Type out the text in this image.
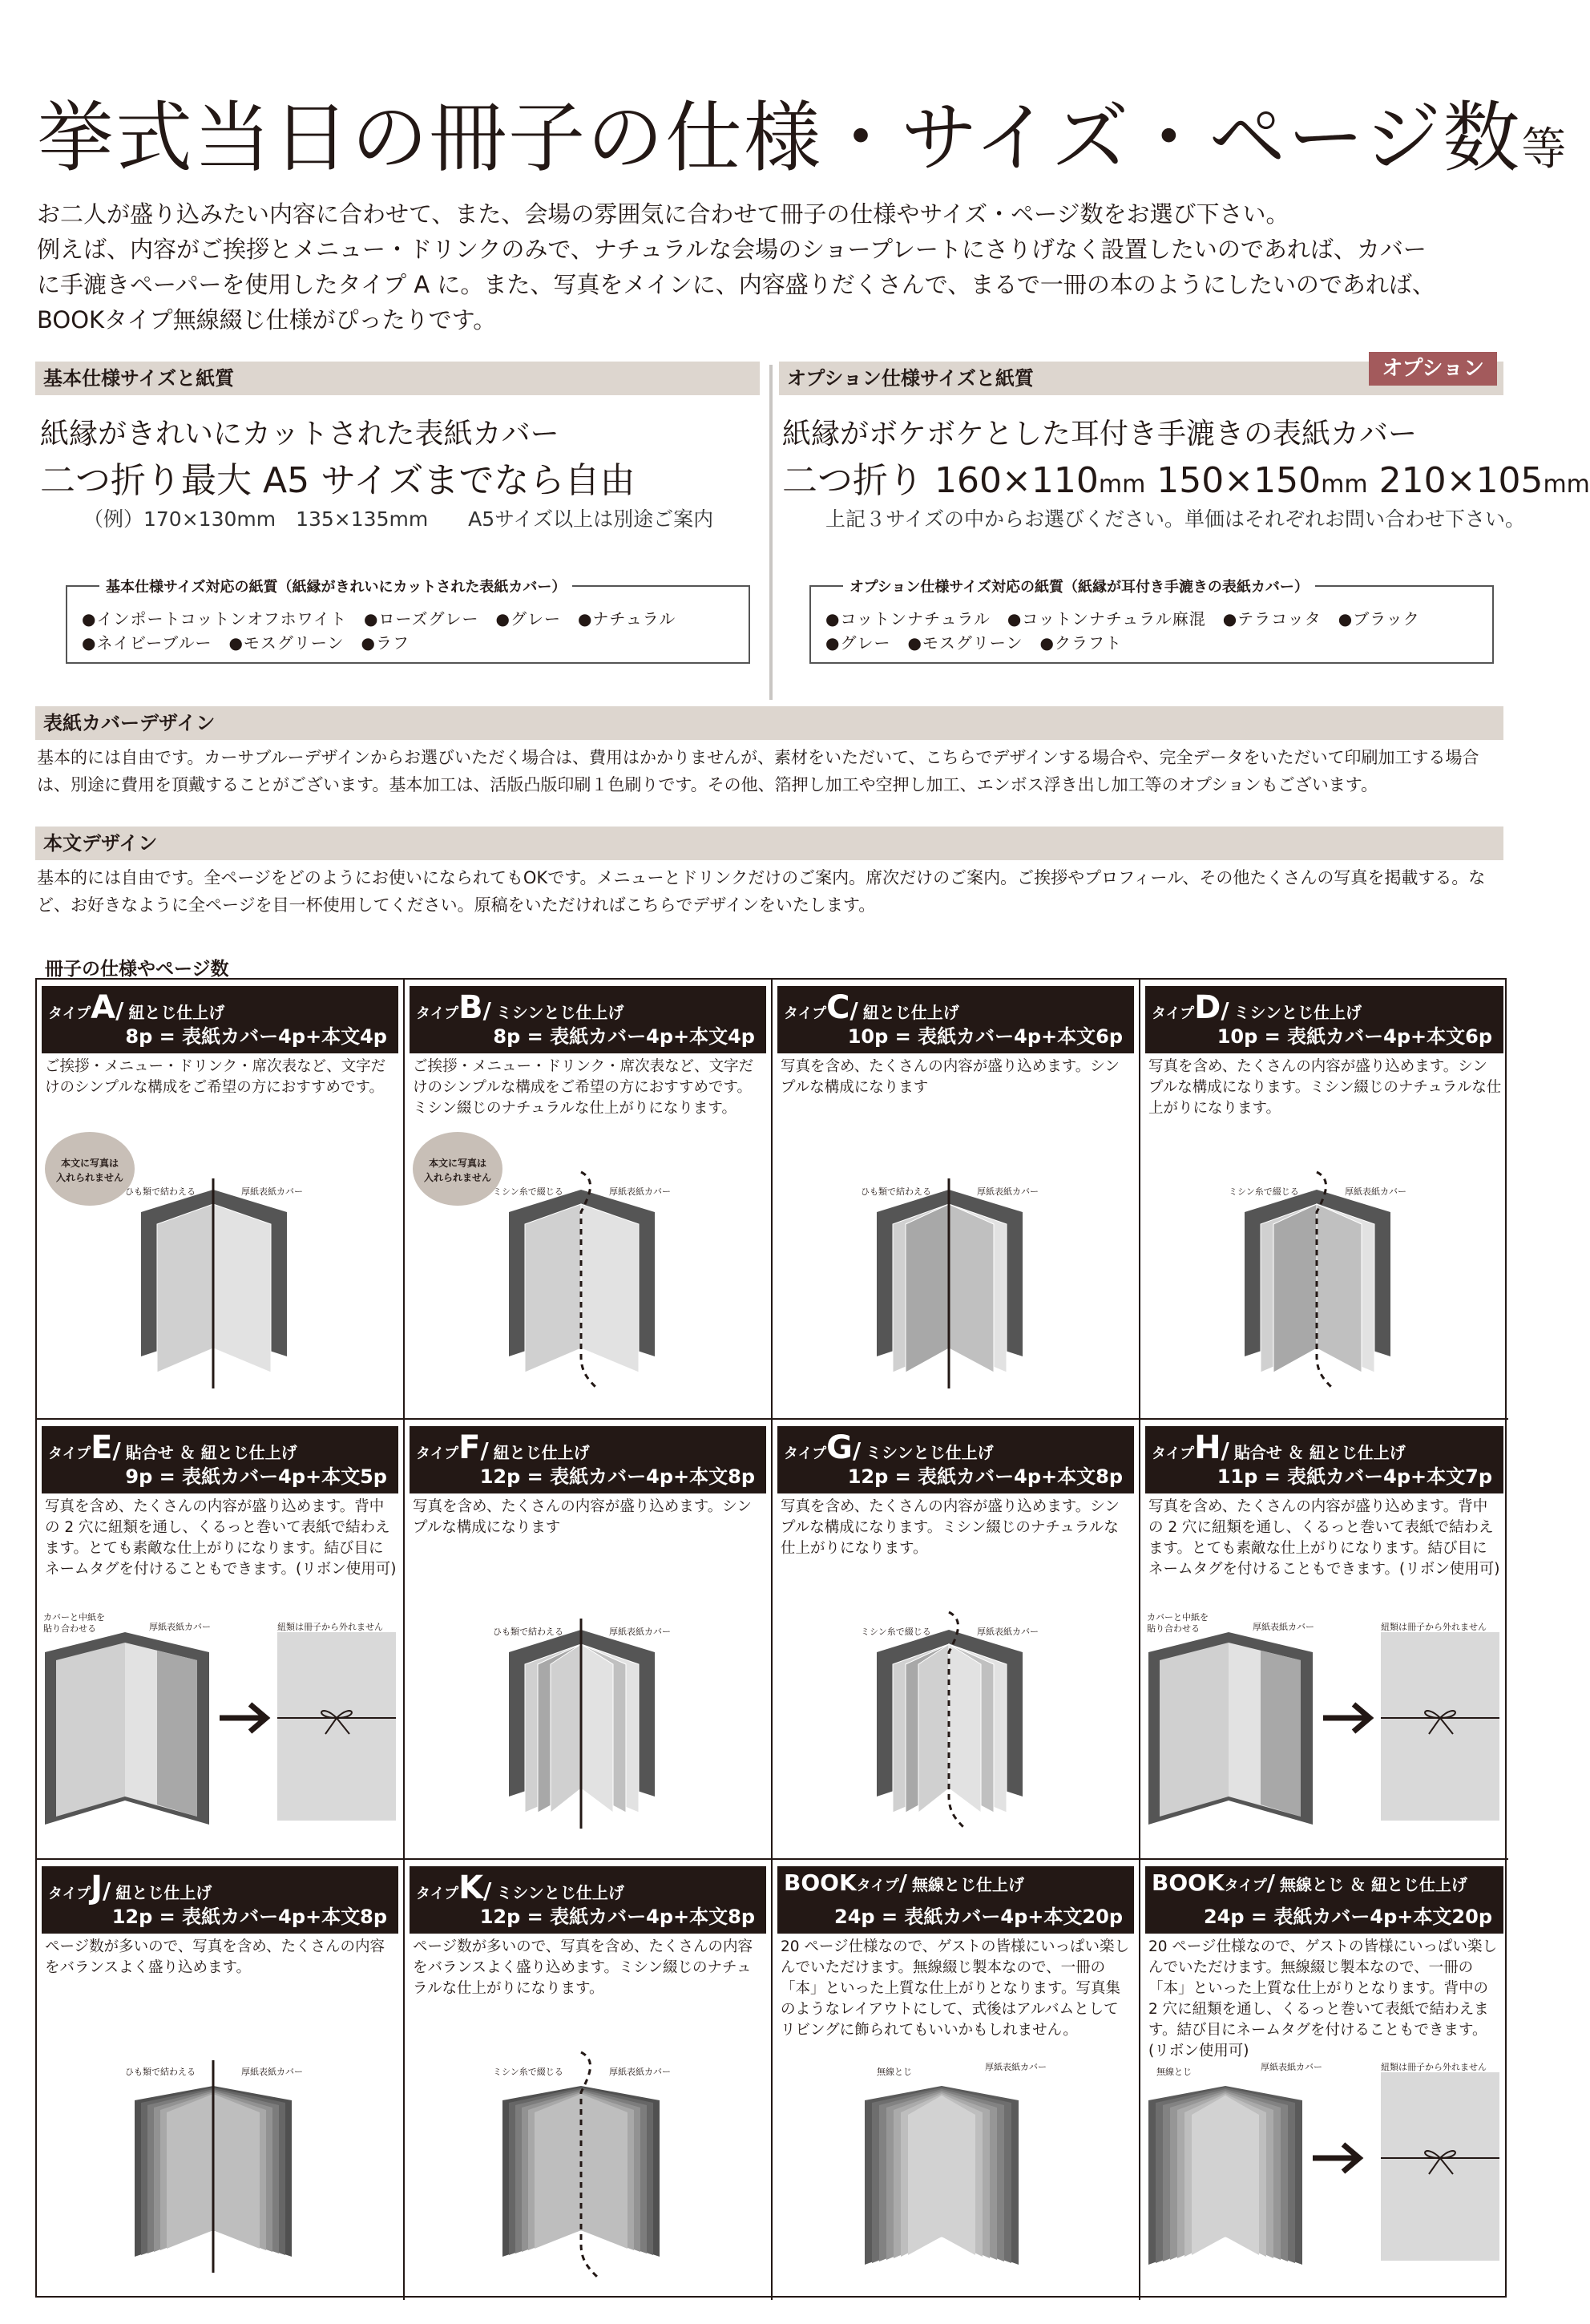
挙式当日の冊子の仕様・サイズ・ページ数等
お二人が盛り込みたい内容に合わせて、また、会場の雰囲気に合わせて冊子の仕様やサイズ・ページ数をお選び下さい。
例えば、内容がご挨拶とメニュー・ドリンクのみで、ナチュラルな会場のショープレートにさりげなく設置したいのであれば、カバー
に手漉きペーパーを使用したタイプ A に。また、写真をメインに、内容盛りだくさんで、まるで一冊の本のようにしたいのであれば、
BOOKタイプ無線綴じ仕様がぴったりです。
基本仕様サイズと紙質
紙縁がきれいにカットされた表紙カバー
二つ折り最大 A5 サイズまでなら自由
（例）170×130mm　135×135mm　　A5サイズ以上は別途ご案内
基本仕様サイズ対応の紙質（紙縁がきれいにカットされた表紙カバー）
●インポートコットンオフホワイト　●ローズグレー　●グレー　●ナチュラル
●ネイビーブルー　●モスグリーン　●ラフ
オプション仕様サイズと紙質	オプション
紙縁がボケボケとした耳付き手漉きの表紙カバー
二つ折り 160×110mm 150×150mm 210×105mm
上記３サイズの中からお選びください。単価はそれぞれお問い合わせ下さい。
オプション仕様サイズ対応の紙質（紙縁が耳付き手漉きの表紙カバー）
●コットンナチュラル　●コットンナチュラル麻混　●テラコッタ　●ブラック
●グレー　●モスグリーン　●クラフト
表紙カバーデザイン
基本的には自由です。カーサブルーデザインからお選びいただく場合は、費用はかかりませんが、素材をいただいて、こちらでデザインする場合や、完全データをいただいて印刷加工する場合は、別途に費用を頂戴することがございます。基本加工は、活版凸版印刷１色刷りです。その他、箔押し加工や空押し加工、エンボス浮き出し加工等のオプションもございます。
本文デザイン
基本的には自由です。全ページをどのようにお使いになられてもOKです。メニューとドリンクだけのご案内。席次だけのご案内。ご挨拶やプロフィール、その他たくさんの写真を掲載する。など、お好きなように全ページを目一杯使用してください。原稿をいただければこちらでデザインをいたします。
冊子の仕様やページ数
タイプA/ 紐とじ仕上げ
8p = 表紙カバー4p+本文4p
ご挨拶・メニュー・ドリンク・席次表など、文字だけのシンプルな構成をご希望の方におすすめです。
ひも類で結わえる	厚紙表紙カバー
本文に写真は
入れられません
タイプB/ ミシンとじ仕上げ
8p = 表紙カバー4p+本文4p
ご挨拶・メニュー・ドリンク・席次表など、文字だけのシンプルな構成をご希望の方におすすめです。ミシン綴じのナチュラルな仕上がりになります。
ミシン糸で綴じる	厚紙表紙カバー
本文に写真は
入れられません
タイプC/ 紐とじ仕上げ
10p = 表紙カバー4p+本文6p
写真を含め、たくさんの内容が盛り込めます。シンプルな構成になります
ひも類で結わえる	厚紙表紙カバー
タイプD/ ミシンとじ仕上げ
10p = 表紙カバー4p+本文6p
写真を含め、たくさんの内容が盛り込めます。シンプルな構成になります。ミシン綴じのナチュラルな仕上がりになります。
ミシン糸で綴じる	厚紙表紙カバー
タイプE/ 貼合せ ＆ 紐とじ仕上げ
9p = 表紙カバー4p+本文5p
写真を含め、たくさんの内容が盛り込めます。背中の 2 穴に紐類を通し、くるっと巻いて表紙で結わえます。とても素敵な仕上がりになります。結び目にネームタグを付けることもできます。(リボン使用可)
カバーと中紙を
貼り合わせる	厚紙表紙カバー	紐類は冊子から外れません
タイプF/ 紐とじ仕上げ
12p = 表紙カバー4p+本文8p
写真を含め、たくさんの内容が盛り込めます。シンプルな構成になります
ひも類で結わえる	厚紙表紙カバー
タイプG/ ミシンとじ仕上げ
12p = 表紙カバー4p+本文8p
写真を含め、たくさんの内容が盛り込めます。シンプルな構成になります。ミシン綴じのナチュラルな仕上がりになります。
ミシン糸で綴じる	厚紙表紙カバー
タイプH/ 貼合せ ＆ 紐とじ仕上げ
11p = 表紙カバー4p+本文7p
写真を含め、たくさんの内容が盛り込めます。背中の 2 穴に紐類を通し、くるっと巻いて表紙で結わえます。とても素敵な仕上がりになります。結び目にネームタグを付けることもできます。(リボン使用可)
カバーと中紙を
貼り合わせる	厚紙表紙カバー	紐類は冊子から外れません
タイプJ/ 紐とじ仕上げ
12p = 表紙カバー4p+本文8p
ページ数が多いので、写真を含め、たくさんの内容をバランスよく盛り込めます。
ひも類で結わえる	厚紙表紙カバー
タイプK/ ミシンとじ仕上げ
12p = 表紙カバー4p+本文8p
ページ数が多いので、写真を含め、たくさんの内容をバランスよく盛り込めます。ミシン綴じのナチュラルな仕上がりになります。
ミシン糸で綴じる	厚紙表紙カバー
BOOKタイプ/ 無線とじ仕上げ
24p = 表紙カバー4p+本文20p
20 ページ仕様なので、ゲストの皆様にいっぱい楽しんでいただけます。無線綴じ製本なので、一冊の「本」といった上質な仕上がりとなります。写真集のようなレイアウトにして、式後はアルバムとしてリビングに飾られてもいいかもしれません。
無線とじ	厚紙表紙カバー
BOOKタイプ/ 無線とじ ＆ 紐とじ仕上げ
24p = 表紙カバー4p+本文20p
20 ページ仕様なので、ゲストの皆様にいっぱい楽しんでいただけます。無線綴じ製本なので、一冊の「本」といった上質な仕上がりとなります。背中の 2 穴に紐類を通し、くるっと巻いて表紙で結わえます。結び目にネームタグを付けることもできます。(リボン使用可)
無線とじ	厚紙表紙カバー	紐類は冊子から外れません
